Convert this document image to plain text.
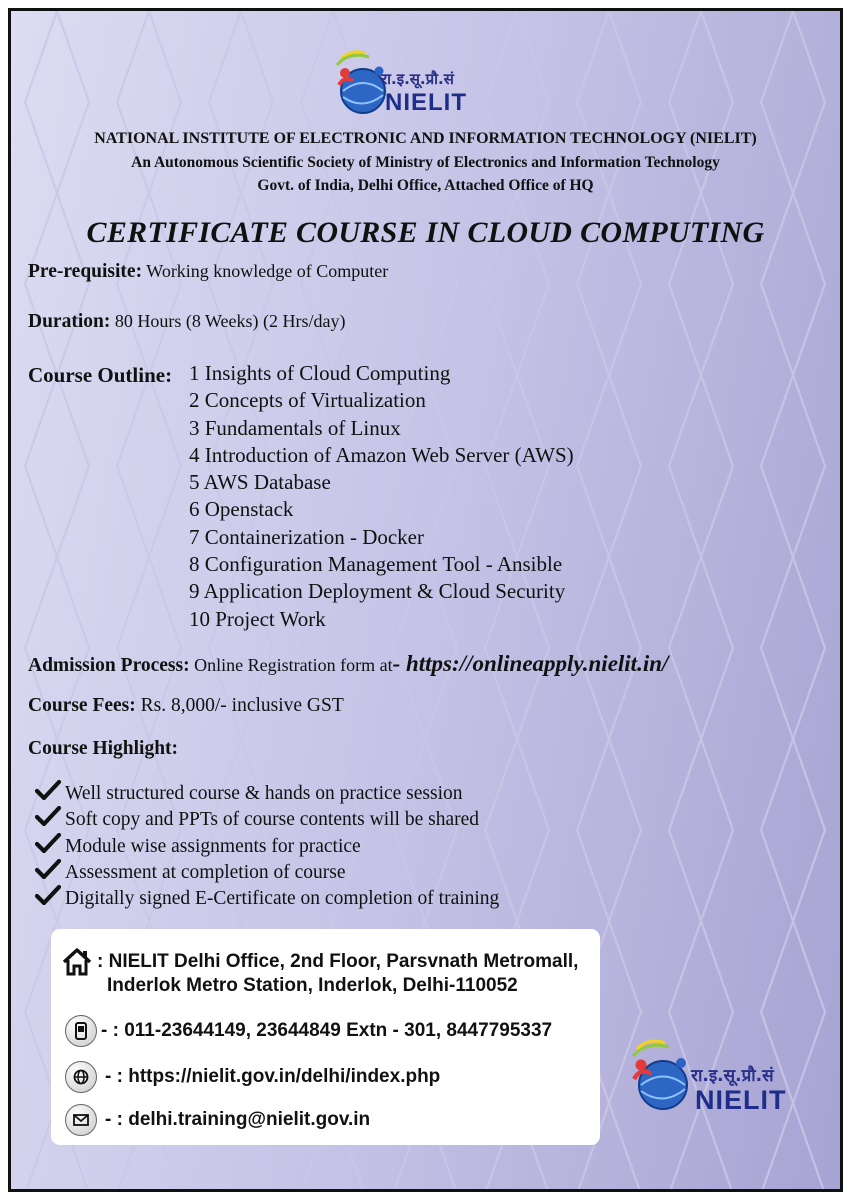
रा.इ.सू.प्रौ.सं
NIELIT
NATIONAL INSTITUTE OF ELECTRONIC AND INFORMATION TECHNOLOGY (NIELIT)
An Autonomous Scientific Society of Ministry of Electronics and Information Technology
Govt. of India, Delhi Office, Attached Office of HQ
CERTIFICATE COURSE IN CLOUD COMPUTING
Pre-requisite: Working knowledge of Computer
Duration: 80 Hours (8 Weeks) (2 Hrs/day)
Course Outline: 1 Insights of Cloud Computing
2 Concepts of Virtualization
3 Fundamentals of Linux
4 Introduction of Amazon Web Server (AWS)
5 AWS Database
6 Openstack
7 Containerization - Docker
8 Configuration Management Tool - Ansible
9 Application Deployment & Cloud Security
10 Project Work
Admission Process: Online Registration form at- https://onlineapply.nielit.in/
Course Fees: Rs. 8,000/- inclusive GST
Course Highlight:
Well structured course & hands on practice session
Soft copy and PPTs of course contents will be shared
Module wise assignments for practice
Assessment at completion of course
Digitally signed E-Certificate on completion of training
: NIELIT Delhi Office, 2nd Floor, Parsvnath Metromall,
Inderlok Metro Station, Inderlok, Delhi-110052
- : 011-23644149, 23644849 Extn - 301, 8447795337
- : https://nielit.gov.in/delhi/index.php
- : delhi.training@nielit.gov.in
रा.इ.सू.प्रौ.सं
NIELIT
